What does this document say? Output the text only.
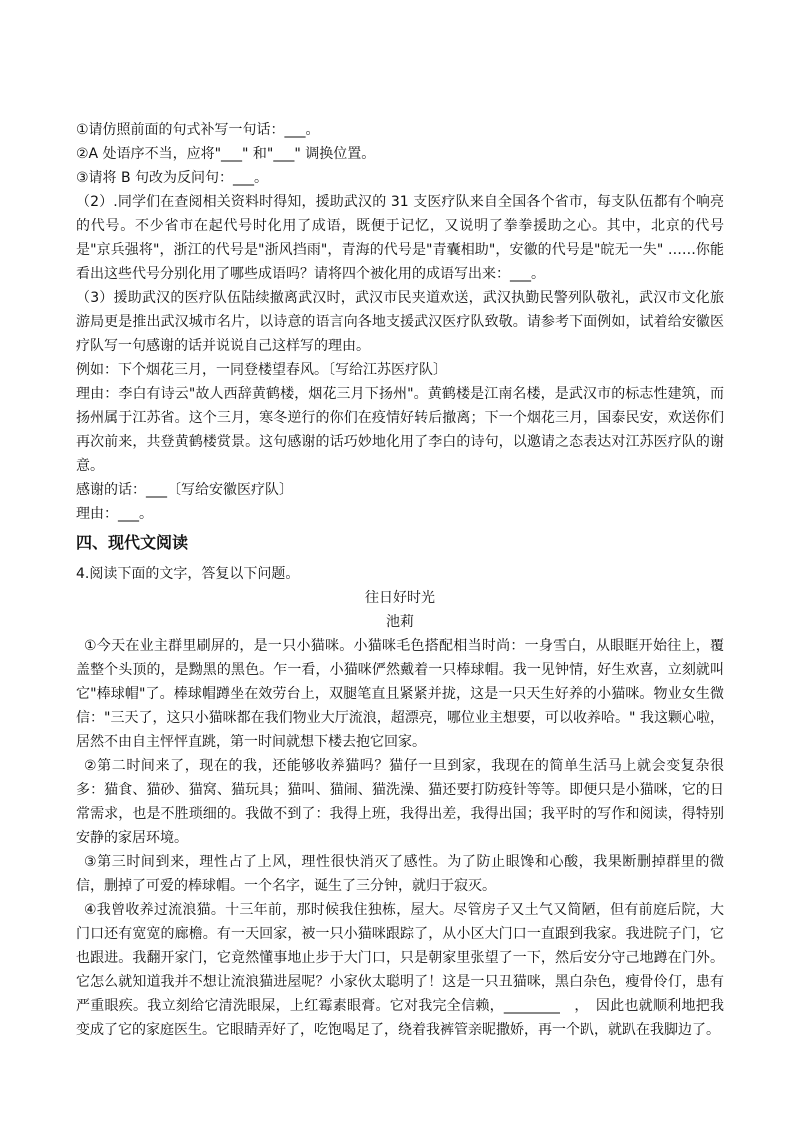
①请仿照前面的句式补写一句话：___。
②A 处语序不当，应将"___" 和"___" 调换位置。
③请将 B 句改为反问句：___。
（2）.同学们在查阅相关资料时得知，援助武汉的 31 支医疗队来自全国各个省市，每支队伍都有个响亮的代号。不少省市在起代号时化用了成语，既便于记忆，又说明了拳拳援助之心。其中，北京的代号是"京兵强将"，浙江的代号是"浙风挡雨"，青海的代号是"青囊相助"，安徽的代号是"皖无一失" ……你能看出这些代号分别化用了哪些成语吗？请将四个被化用的成语写出来：___。
（3）援助武汉的医疗队伍陆续撤离武汉时，武汉市民夹道欢送，武汉执勤民警列队敬礼，武汉市文化旅游局更是推出武汉城市名片，以诗意的语言向各地支援武汉医疗队致敬。请参考下面例如，试着给安徽医疗队写一句感谢的话并说说自己这样写的理由。
例如：下个烟花三月，一同登楼望春风。〔写给江苏医疗队〕
理由：李白有诗云"故人西辞黄鹤楼，烟花三月下扬州"。黄鹤楼是江南名楼，是武汉市的标志性建筑，而扬州属于江苏省。这个三月，寒冬逆行的你们在疫情好转后撤离；下一个烟花三月，国泰民安，欢送你们再次前来，共登黄鹤楼赏景。这句感谢的话巧妙地化用了李白的诗句，以邀请之态表达对江苏医疗队的谢意。
感谢的话：___〔写给安徽医疗队〕
理由：___。
四、现代文阅读
4.阅读下面的文字，答复以下问题。
往日好时光
池莉
①今天在业主群里刷屏的，是一只小猫咪。小猫咪毛色搭配相当时尚：一身雪白，从眼眶开始往上，覆盖整个头顶的，是黝黑的黑色。乍一看，小猫咪俨然戴着一只棒球帽。我一见钟情，好生欢喜，立刻就叫它"棒球帽"了。棒球帽蹲坐在效劳台上，双腿笔直且紧紧并拢，这是一只天生好养的小猫咪。物业女生微信："三天了，这只小猫咪都在我们物业大厅流浪，超漂亮，哪位业主想要，可以收养哈。" 我这颗心啦，居然不由自主怦怦直跳，第一时间就想下楼去抱它回家。
②第二时间来了，现在的我，还能够收养猫吗？猫仔一旦到家，我现在的简单生活马上就会变复杂很多：猫食、猫砂、猫窝、猫玩具；猫叫、猫闹、猫洗澡、猫还要打防疫针等等。即便只是小猫咪，它的日常需求，也是不胜琐细的。我做不到了：我得上班，我得出差，我得出国；我平时的写作和阅读，得特别安静的家居环境。
③第三时间到来，理性占了上风，理性很快消灭了感性。为了防止眼馋和心酸，我果断删掉群里的微信，删掉了可爱的棒球帽。一个名字，诞生了三分钟，就归于寂灭。
④我曾收养过流浪猫。十三年前，那时候我住独栋，屋大。尽管房子又土气又简陋，但有前庭后院，大门口还有宽宽的廊檐。有一天回家，被一只小猫咪跟踪了，从小区大门口一直跟到我家。我进院子门，它也跟进。我翻开家门，它竟然懂事地止步于大门口，只是朝家里张望了一下，然后安分守己地蹲在门外。它怎么就知道我并不想让流浪猫进屋呢？小家伙太聪明了！这是一只丑猫咪，黑白杂色，瘦骨伶仃，患有严重眼疾。我立刻给它清洗眼屎，上红霉素眼膏。它对我完全信赖，________　，　因此也就顺利地把我变成了它的家庭医生。它眼睛弄好了，吃饱喝足了，绕着我裤管亲昵撒娇，再一个趴，就趴在我脚边了。
